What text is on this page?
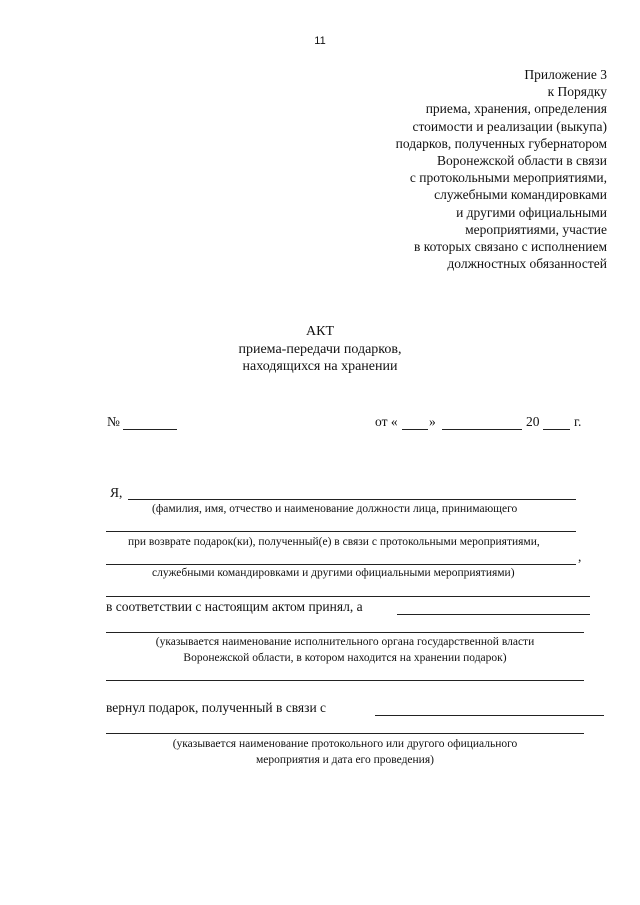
11
Приложение 3
к Порядку
приема, хранения, определения
стоимости и реализации (выкупа)
подарков, полученных губернатором
Воронежской области в связи
с протокольными мероприятиями,
служебными командировками
и другими официальными
мероприятиями, участие
в которых связано с исполнением
должностных обязанностей
АКТ
приема-передачи подарков,
находящихся на хранении
№	от « »	20	г.
Я,
(фамилия, имя, отчество и наименование должности лица, принимающего
при возврате подарок(ки), полученный(е) в связи с протокольными мероприятиями,
,
служебными командировками и другими официальными мероприятиями)
в соответствии с настоящим актом принял, а
(указывается наименование исполнительного органа государственной власти
Воронежской области, в котором находится на хранении подарок)
вернул подарок, полученный в связи с
(указывается наименование протокольного или другого официального
мероприятия и дата его проведения)
